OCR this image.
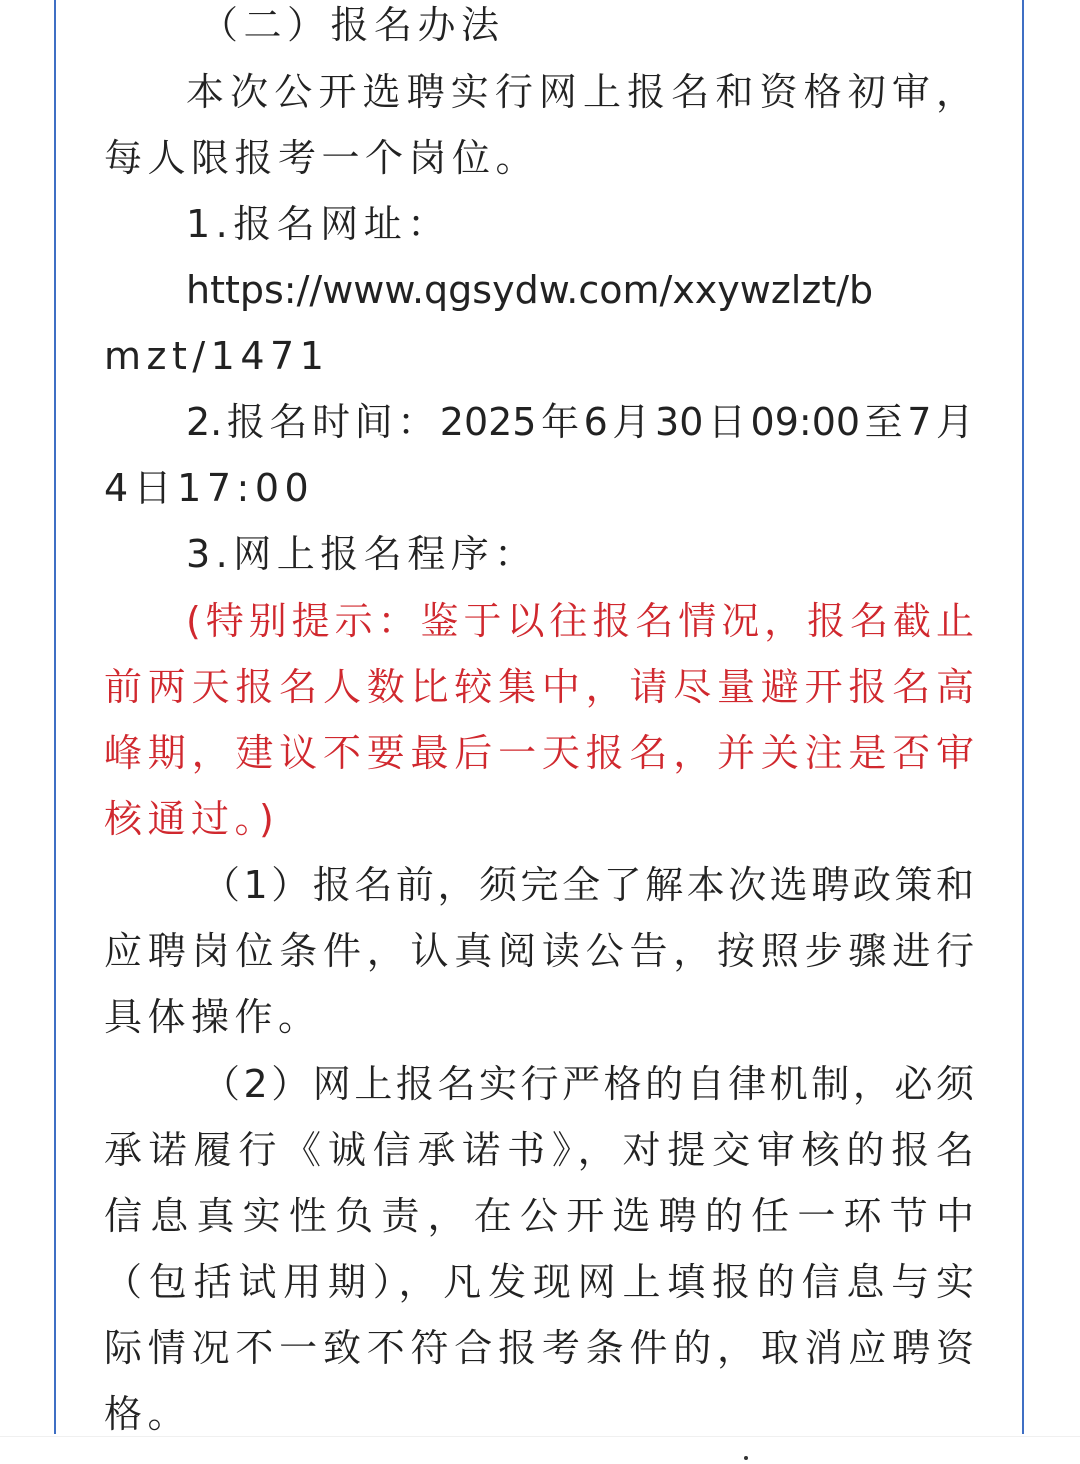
（二）报名办法
本次公开选聘实行网上报名和资格初审，
每人限报考一个岗位。
1.报名网址：
https://www.qgsydw.com/xxywzlzt/b
mzt/1471
2.报名时间：2025年6月30日09:00至7月
4日17:00
3.网上报名程序：
(特别提示：鉴于以往报名情况，报名截止
前两天报名人数比较集中，请尽量避开报名高
峰期，建议不要最后一天报名，并关注是否审
核通过。)
（1）报名前，须完全了解本次选聘政策和
应聘岗位条件，认真阅读公告，按照步骤进行
具体操作。
（2）网上报名实行严格的自律机制，必须
承诺履行《诚信承诺书》，对提交审核的报名
信息真实性负责，在公开选聘的任一环节中
（包括试用期），凡发现网上填报的信息与实
际情况不一致不符合报考条件的，取消应聘资
格。
